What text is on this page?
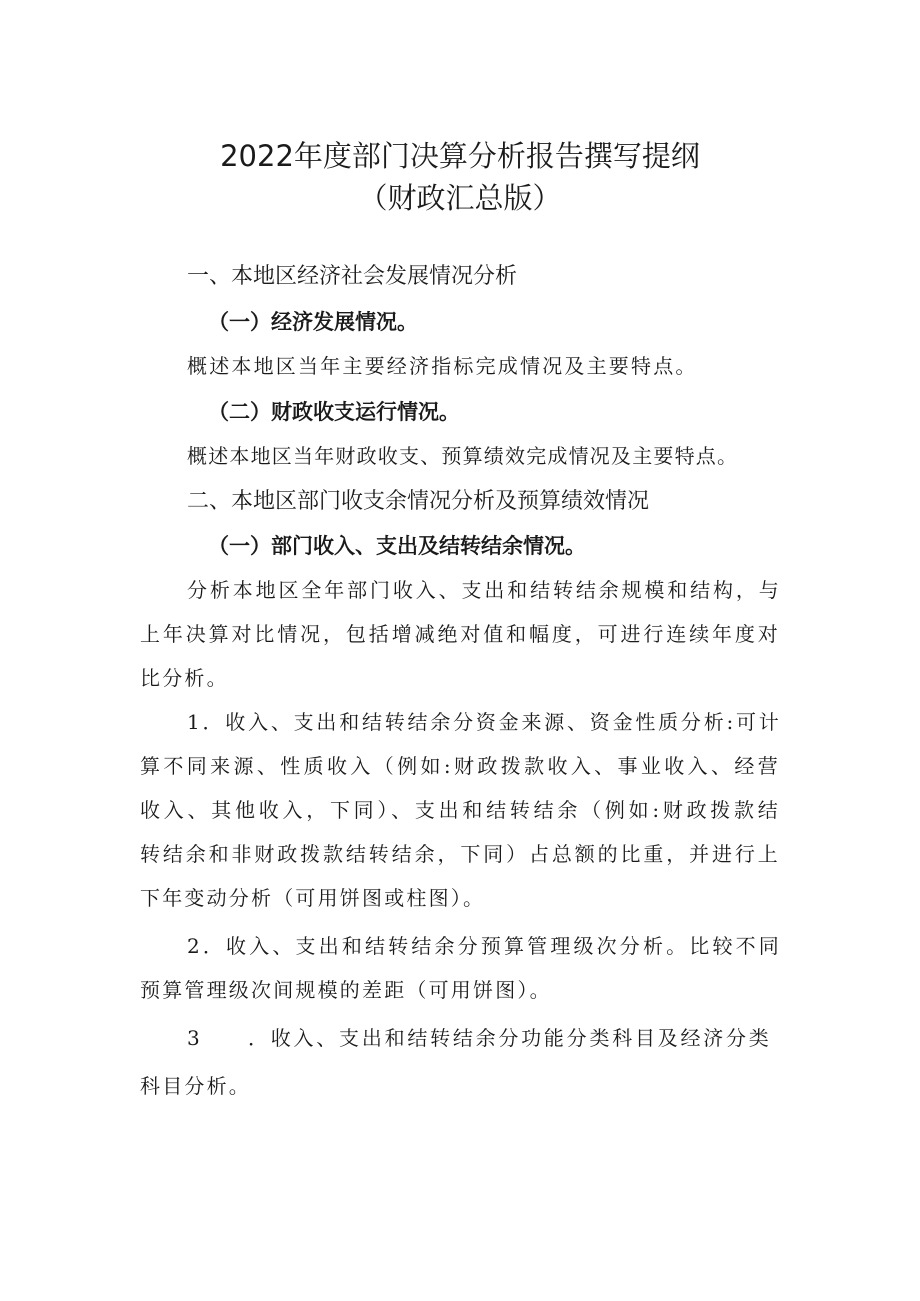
2022年度部门决算分析报告撰写提纲
（财政汇总版）
一、本地区经济社会发展情况分析
（一）经济发展情况。
概述本地区当年主要经济指标完成情况及主要特点。
（二）财政收支运行情况。
概述本地区当年财政收支、预算绩效完成情况及主要特点。
二、本地区部门收支余情况分析及预算绩效情况
（一）部门收入、支出及结转结余情况。
分析本地区全年部门收入、支出和结转结余规模和结构，与
上年决算对比情况，包括增减绝对值和幅度，可进行连续年度对
比分析。
1．收入、支出和结转结余分资金来源、资金性质分析:可计
算不同来源、性质收入（例如:财政拨款收入、事业收入、经营
收入、其他收入，下同）、支出和结转结余（例如:财政拨款结
转结余和非财政拨款结转结余，下同）占总额的比重，并进行上
下年变动分析（可用饼图或柱图）。
2．收入、支出和结转结余分预算管理级次分析。比较不同
预算管理级次间规模的差距（可用饼图）。
3　　．收入、支出和结转结余分功能分类科目及经济分类
科目分析。
